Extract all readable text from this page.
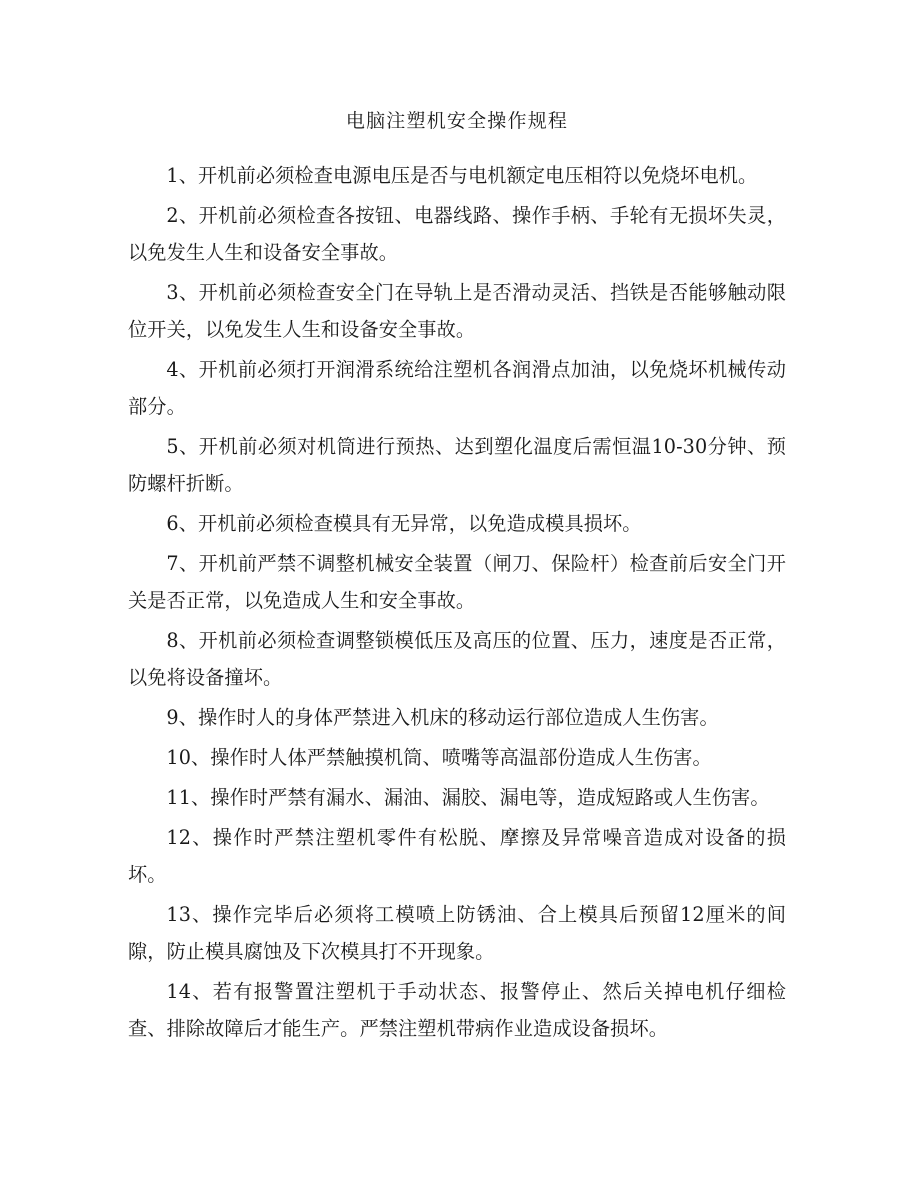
电脑注塑机安全操作规程

1、开机前必须检查电源电压是否与电机额定电压相符以免烧坏电机。

2、开机前必须检查各按钮、电器线路、操作手柄、手轮有无损坏失灵，以免发生人生和设备安全事故。

3、开机前必须检查安全门在导轨上是否滑动灵活、挡铁是否能够触动限位开关，以免发生人生和设备安全事故。

4、开机前必须打开润滑系统给注塑机各润滑点加油，以免烧坏机械传动部分。

5、开机前必须对机筒进行预热、达到塑化温度后需恒温10-30分钟、预防螺杆折断。

6、开机前必须检查模具有无异常，以免造成模具损坏。

7、开机前严禁不调整机械安全装置（闸刀、保险杆）检查前后安全门开关是否正常，以免造成人生和安全事故。

8、开机前必须检查调整锁模低压及高压的位置、压力，速度是否正常，以免将设备撞坏。

9、操作时人的身体严禁进入机床的移动运行部位造成人生伤害。

10、操作时人体严禁触摸机筒、喷嘴等高温部份造成人生伤害。

11、操作时严禁有漏水、漏油、漏胶、漏电等，造成短路或人生伤害。

12、操作时严禁注塑机零件有松脱、摩擦及异常噪音造成对设备的损坏。

13、操作完毕后必须将工模喷上防锈油、合上模具后预留12厘米的间隙，防止模具腐蚀及下次模具打不开现象。

14、若有报警置注塑机于手动状态、报警停止、然后关掉电机仔细检查、排除故障后才能生产。严禁注塑机带病作业造成设备损坏。
